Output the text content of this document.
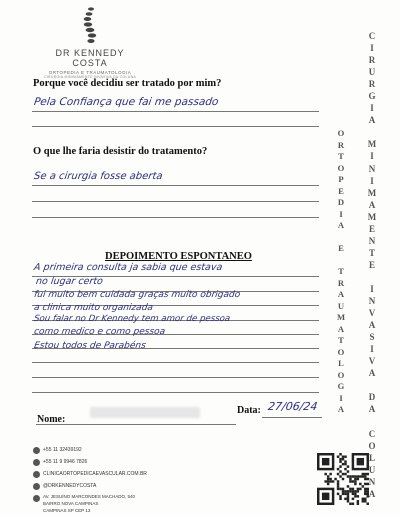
DR KENNEDY COSTA
ORTOPEDIA E TRAUMATOLOGIA
CIRURGIA MINIMAMENTE INVASIVA DA COLUNA
Porque você decidiu ser tratado por mim?
Pela Confiança que fai me passado
O que lhe faria desistir do tratamento?
Se a cirurgia fosse aberta
DEPOIMENTO ESPONTANEO
A primeira consulta ja sabia que estava
no lugar certo
fui muito bem cuidada graças muito obrigado
a clinica muito organizada
Sou falar no Dr Kennedy tem amor de pessoa
como medico e como pessoa
Estou todos de Parabéns
Nome:
Data: 27/06/24
O
R
T
O
P
E
D
I
A

E

T
R
A
U
M
A
T
O
L
O
G
I
A
C
I
R
U
R
G
I
A

M
I
N
I
M
A
M
E
N
T
E

I
N
V
A
S
I
V
A

D
A

C
O
L
U
N
A
+55 11 32439192
+55 11 9 9946 7826
CLINICAORTOPEDICAEVASCULAR.COM.BR
@DRKENNEDYCOSTA
AV. JESUÍNO MARCONDES MACHADO, 540
BAIRRO NOVA CAMPINAS
CAMPINAS SP CEP 13
